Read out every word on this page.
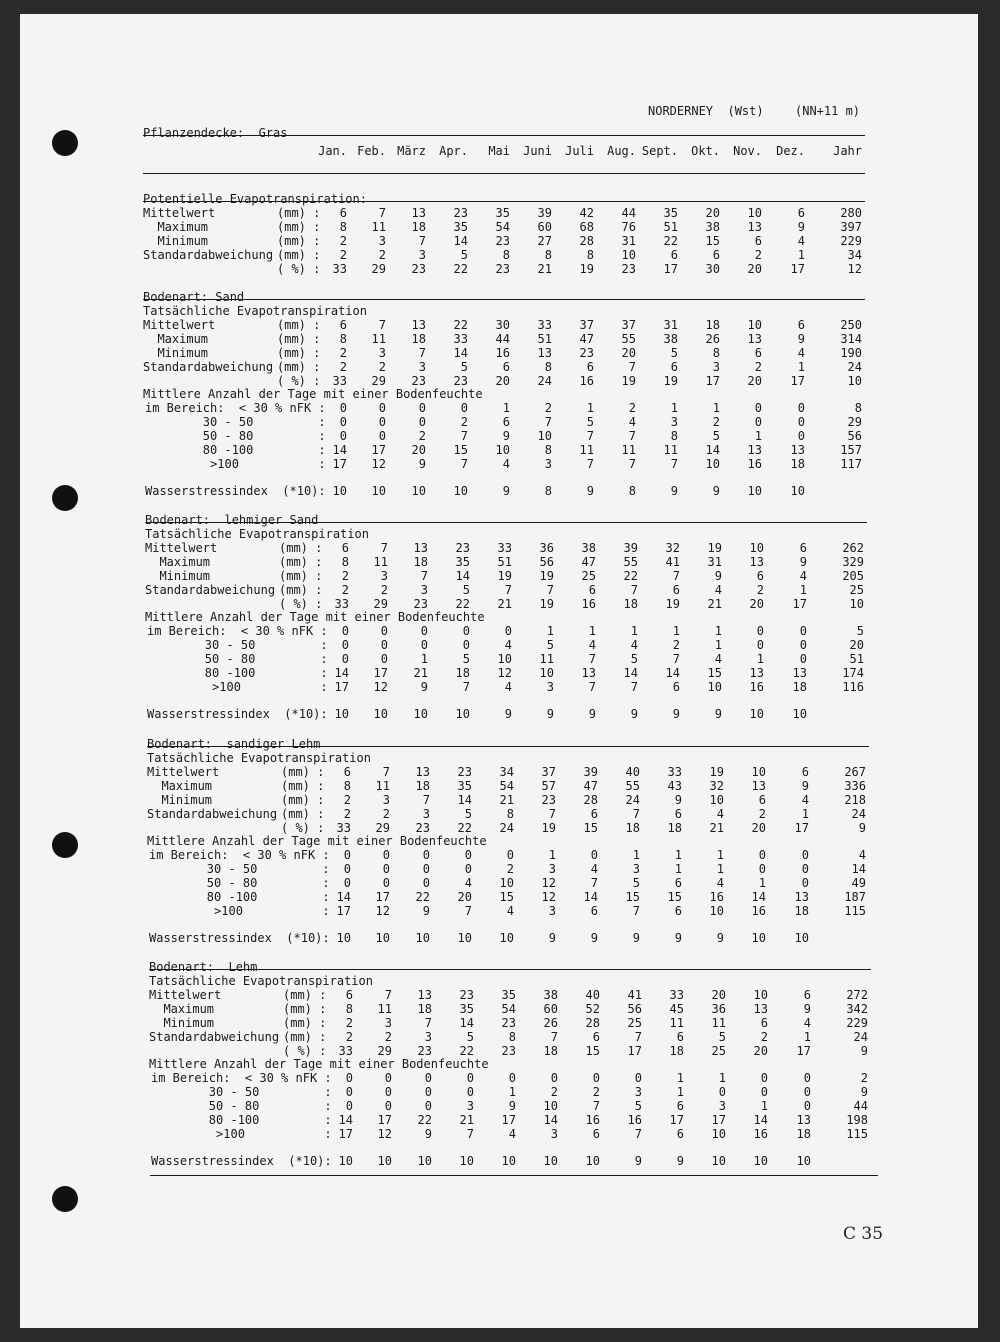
NORDERNEY  (Wst)	(NN+11 m)
Pflanzendecke:  Gras
Jan. Feb. März	Apr.	Mai	Juni	Juli	Aug. Sept.	Okt.	Nov.	Dez.	Jahr
Potentielle Evapotranspiration:
Mittelwert	(mm) :	6	7	13	23	35	39	42	44	35	20	10	6	280
Maximum	(mm) :	8	11	18	35	54	60	68	76	51	38	13	9	397
Minimum	(mm) :	2	3	7	14	23	27	28	31	22	15	6	4	229
Standardabweichung (mm) :	2	2	3	5	8	8	8	10	6	6	2	1	34
( %) :	33	29	23	22	23	21	19	23	17	30	20	17	12
Bodenart: Sand
Tatsächliche Evapotranspiration
Mittelwert	(mm) :	6	7	13	22	30	33	37	37	31	18	10	6	250
Maximum	(mm) :	8	11	18	33	44	51	47	55	38	26	13	9	314
Minimum	(mm) :	2	3	7	14	16	13	23	20	5	8	6	4	190
Standardabweichung (mm) :	2	2	3	5	6	8	6	7	6	3	2	1	24
( %) :	33	29	23	23	20	24	16	19	19	17	20	17	10
Mittlere Anzahl der Tage mit einer Bodenfeuchte
im Bereich:  < 30 % nFK :	0	0	0	0	1	2	1	2	1	1	0	0	8
30 - 50         :	0	0	0	2	6	7	5	4	3	2	0	0	29
50 - 80         :	0	0	2	7	9	10	7	7	8	5	1	0	56
80 -100         : 14	17	20	15	10	8	11	11	11	14	13	13	157
>100           : 17	12	9	7	4	3	7	7	7	10	16	18	117
Wasserstressindex  (*10): 10	10	10	10	9	8	9	8	9	9	10	10
Bodenart:  lehmiger Sand
Tatsächliche Evapotranspiration
Mittelwert	(mm) :	6	7	13	23	33	36	38	39	32	19	10	6	262
Maximum	(mm) :	8	11	18	35	51	56	47	55	41	31	13	9	329
Minimum	(mm) :	2	3	7	14	19	19	25	22	7	9	6	4	205
Standardabweichung (mm) :	2	2	3	5	7	7	6	7	6	4	2	1	25
( %) :	33	29	23	22	21	19	16	18	19	21	20	17	10
Mittlere Anzahl der Tage mit einer Bodenfeuchte
im Bereich:  < 30 % nFK :	0	0	0	0	0	1	1	1	1	1	0	0	5
30 - 50         :	0	0	0	0	4	5	4	4	2	1	0	0	20
50 - 80         :	0	0	1	5	10	11	7	5	7	4	1	0	51
80 -100         : 14	17	21	18	12	10	13	14	14	15	13	13	174
>100           : 17	12	9	7	4	3	7	7	6	10	16	18	116
Wasserstressindex  (*10): 10	10	10	10	9	9	9	9	9	9	10	10
Bodenart:  sandiger Lehm
Tatsächliche Evapotranspiration
Mittelwert	(mm) :	6	7	13	23	34	37	39	40	33	19	10	6	267
Maximum	(mm) :	8	11	18	35	54	57	47	55	43	32	13	9	336
Minimum	(mm) :	2	3	7	14	21	23	28	24	9	10	6	4	218
Standardabweichung (mm) :	2	2	3	5	8	7	6	7	6	4	2	1	24
( %) :	33	29	23	22	24	19	15	18	18	21	20	17	9
Mittlere Anzahl der Tage mit einer Bodenfeuchte
im Bereich:  < 30 % nFK :	0	0	0	0	0	1	0	1	1	1	0	0	4
30 - 50         :	0	0	0	0	2	3	4	3	1	1	0	0	14
50 - 80         :	0	0	0	4	10	12	7	5	6	4	1	0	49
80 -100         : 14	17	22	20	15	12	14	15	15	16	14	13	187
>100           : 17	12	9	7	4	3	6	7	6	10	16	18	115
Wasserstressindex  (*10): 10	10	10	10	10	9	9	9	9	9	10	10
Bodenart:  Lehm
Tatsächliche Evapotranspiration
Mittelwert	(mm) :	6	7	13	23	35	38	40	41	33	20	10	6	272
Maximum	(mm) :	8	11	18	35	54	60	52	56	45	36	13	9	342
Minimum	(mm) :	2	3	7	14	23	26	28	25	11	11	6	4	229
Standardabweichung (mm) :	2	2	3	5	8	7	6	7	6	5	2	1	24
( %) :	33	29	23	22	23	18	15	17	18	25	20	17	9
Mittlere Anzahl der Tage mit einer Bodenfeuchte
im Bereich:  < 30 % nFK :	0	0	0	0	0	0	0	0	1	1	0	0	2
30 - 50         :	0	0	0	0	1	2	2	3	1	0	0	0	9
50 - 80         :	0	0	0	3	9	10	7	5	6	3	1	0	44
80 -100         : 14	17	22	21	17	14	16	16	17	17	14	13	198
>100           : 17	12	9	7	4	3	6	7	6	10	16	18	115
Wasserstressindex  (*10): 10	10	10	10	10	10	10	9	9	10	10	10
C 35
